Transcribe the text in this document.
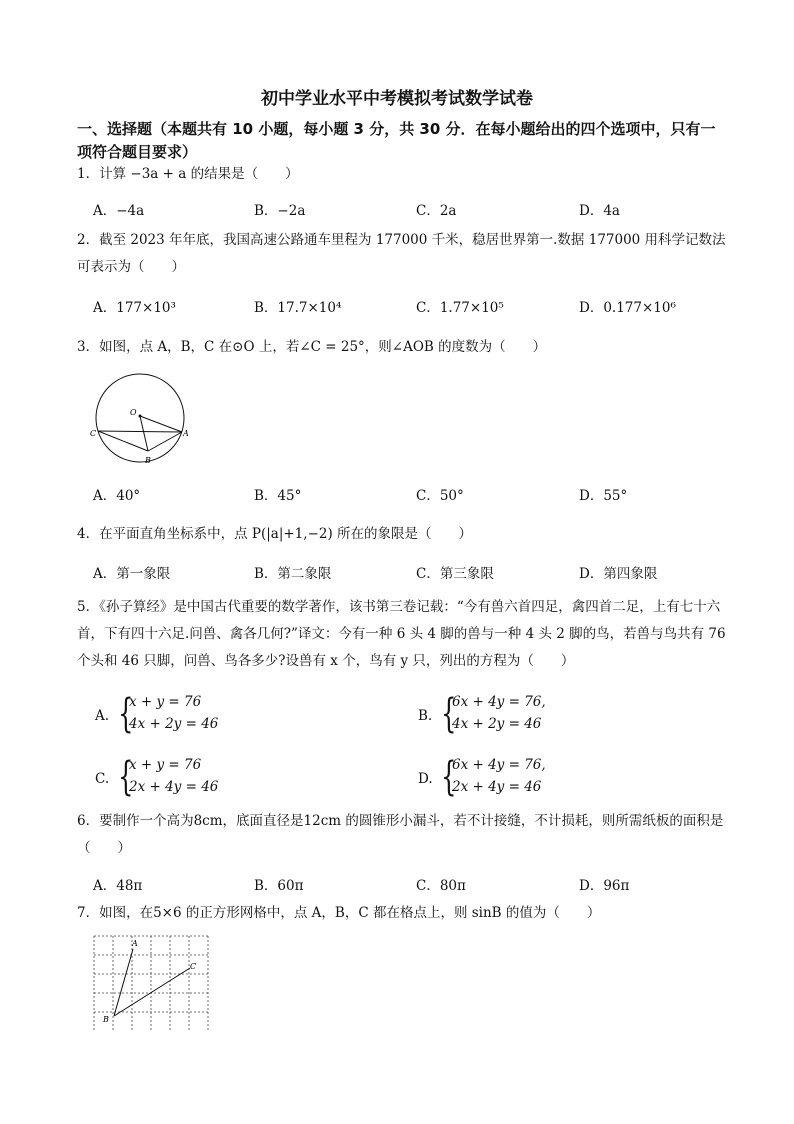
初中学业水平中考模拟考试数学试卷
一、选择题（本题共有 10 小题，每小题 3 分，共 30 分．在每小题给出的四个选项中，只有一项符合题目要求）
1．计算 −3a + a 的结果是（　　）
A．−4a	B．−2a	C．2a	D．4a
2．截至 2023 年年底，我国高速公路通车里程为 177000 千米，稳居世界第一.数据 177000 用科学记数法可表示为（　　）
A．177×10³	B．17.7×10⁴	C．1.77×10⁵	D．0.177×10⁶
3．如图，点 A，B，C 在⊙O 上，若∠C = 25°，则∠AOB 的度数为（　　）
O
C	A
B
A．40°	B．45°	C．50°	D．55°
4．在平面直角坐标系中，点 P(|a|+1,−2) 所在的象限是（　　）
A．第一象限	B．第二象限	C．第三象限	D．第四象限
5．《孙子算经》是中国古代重要的数学著作，该书第三卷记载：“今有兽六首四足，禽四首二足，上有七十六首，下有四十六足.问兽、禽各几何?”译文：今有一种 6 头 4 脚的兽与一种 4 头 2 脚的鸟，若兽与鸟共有 76 个头和 46 只脚，问兽、鸟各多少?设兽有 x 个，鸟有 y 只，列出的方程为（　　）
A. {
x + y = 76
4x + 2y = 46	B. {
6x + 4y = 76,
4x + 2y = 46
C. {
x + y = 76
2x + 4y = 46	D. {
6x + 4y = 76,
2x + 4y = 46
6．要制作一个高为8cm，底面直径是12cm 的圆锥形小漏斗，若不计接缝，不计损耗，则所需纸板的面积是（　　）
A．48π	B．60π	C．80π	D．96π
7．如图，在5×6 的正方形网格中，点 A，B，C 都在格点上，则 sinB 的值为（　　）
A
C
B
